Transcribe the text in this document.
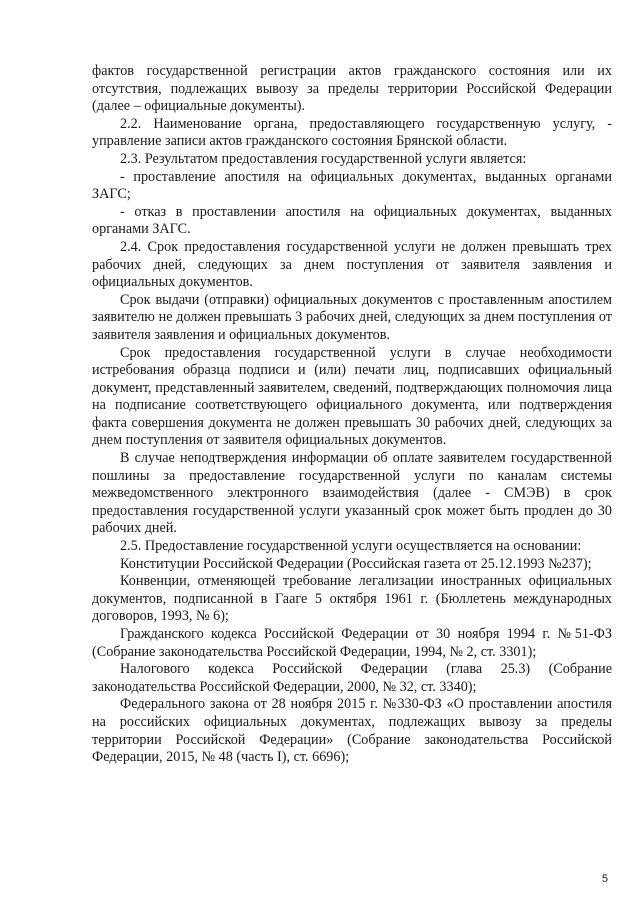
фактов государственной регистрации актов гражданского состояния или их отсутствия, подлежащих вывозу за пределы территории Российской Федерации (далее – официальные документы).

2.2. Наименование органа, предоставляющего государственную услугу, - управление записи актов гражданского состояния Брянской области.

2.3. Результатом предоставления государственной услуги является:

- проставление апостиля на официальных документах, выданных органами ЗАГС;

- отказ в проставлении апостиля на официальных документах, выданных органами ЗАГС.

2.4. Срок предоставления государственной услуги не должен превышать трех рабочих дней, следующих за днем поступления от заявителя заявления и официальных документов.

Срок выдачи (отправки) официальных документов с проставленным апостилем заявителю не должен превышать 3 рабочих дней, следующих за днем поступления от заявителя заявления и официальных документов.

Срок предоставления государственной услуги в случае необходимости истребования образца подписи и (или) печати лиц, подписавших официальный документ, представленный заявителем, сведений, подтверждающих полномочия лица на подписание соответствующего официального документа, или подтверждения факта совершения документа не должен превышать 30 рабочих дней, следующих за днем поступления от заявителя официальных документов.

В случае неподтверждения информации об оплате заявителем государственной пошлины за предоставление государственной услуги по каналам системы межведомственного электронного взаимодействия (далее - СМЭВ) в срок предоставления государственной услуги указанный срок может быть продлен до 30 рабочих дней.

2.5. Предоставление государственной услуги осуществляется на основании:

Конституции Российской Федерации (Российская газета от 25.12.1993 №237);

Конвенции, отменяющей требование легализации иностранных официальных документов, подписанной в Гааге 5 октября 1961 г. (Бюллетень международных договоров, 1993, № 6);

Гражданского кодекса Российской Федерации от 30 ноября 1994 г. №51-ФЗ (Собрание законодательства Российской Федерации, 1994, № 2, ст. 3301);

Налогового кодекса Российской Федерации (глава 25.3) (Собрание законодательства Российской Федерации, 2000, № 32, ст. 3340);

Федерального закона от 28 ноября 2015 г. №330-ФЗ «О проставлении апостиля на российских официальных документах, подлежащих вывозу за пределы территории Российской Федерации» (Собрание законодательства Российской Федерации, 2015, № 48 (часть I), ст. 6696);

5
